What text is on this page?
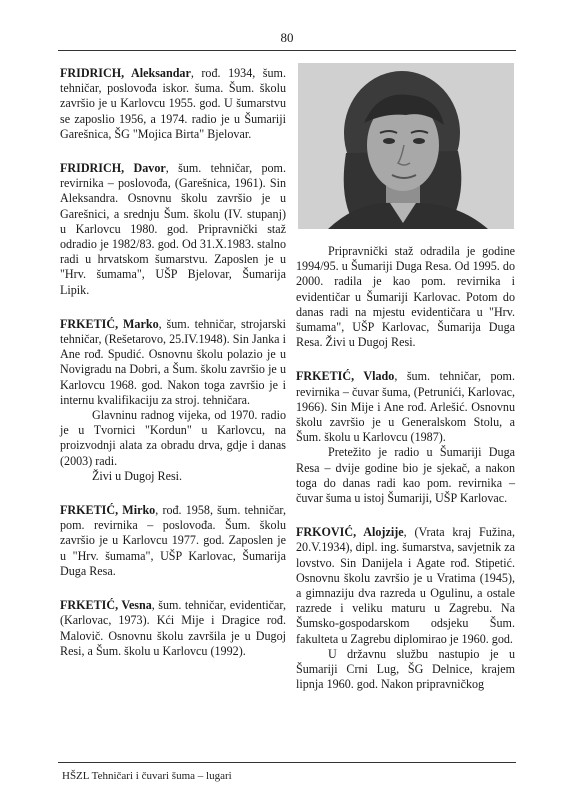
80

FRIDRICH, Aleksandar, rođ. 1934, šum. tehničar, poslovođa iskor. šuma. Šum. školu završio je u Karlovcu 1955. god. U šumarstvu se zaposlio 1956, a 1974. radio je u Šumariji Garešnica, ŠG "Mojica Birta" Bjelovar.

FRIDRICH, Davor, šum. tehničar, pom. revirnika – poslovođa, (Garešnica, 1961). Sin Aleksandra. Osnovnu školu završio je u Garešnici, a srednju Šum. školu (IV. stupanj) u Karlovcu 1980. god. Pripravnički staž odradio je 1982/83. god. Od 31.X.1983. stalno radi u hrvatskom šumarstvu. Zaposlen je u "Hrv. šumama", UŠP Bjelovar, Šumarija Lipik.

FRKETIĆ, Marko, šum. tehničar, strojarski tehničar, (Rešetarovo, 25.IV.1948). Sin Janka i Ane rođ. Spudić. Osnovnu školu polazio je u Novigradu na Dobri, a Šum. školu završio je u Karlovcu 1968. god. Nakon toga završio je i internu kvalifikaciju za stroj. tehničara.

Glavninu radnog vijeka, od 1970. radio je u Tvornici "Kordun" u Karlovcu, na proizvodnji alata za obradu drva, gdje i danas (2003) radi.

Živi u Dugoj Resi.

FRKETIĆ, Mirko, rođ. 1958, šum. tehničar, pom. revirnika – poslovođa. Šum. školu završio je u Karlovcu 1977. god. Zaposlen je u "Hrv. šumama", UŠP Karlovac, Šumarija Duga Resa.

FRKETIĆ, Vesna, šum. tehničar, evidentičar, (Karlovac, 1973). Kći Mije i Dragice rođ. Malovič. Osnovnu školu završila je u Dugoj Resi, a Šum. školu u Karlovcu (1992).

Pripravnički staž odradila je godine 1994/95. u Šumariji Duga Resa. Od 1995. do 2000. radila je kao pom. revirnika i evidentičar u Šumariji Karlovac. Potom do danas radi na mjestu evidentičara u "Hrv. šumama", UŠP Karlovac, Šumarija Duga Resa. Živi u Dugoj Resi.

FRKETIĆ, Vlado, šum. tehničar, pom. revirnika – čuvar šuma, (Petrunići, Karlovac, 1966). Sin Mije i Ane rođ. Arlešić. Osnovnu školu završio je u Generalskom Stolu, a Šum. školu u Karlovcu (1987).

Pretežito je radio u Šumariji Duga Resa – dvije godine bio je sjekač, a nakon toga do danas radi kao pom. revirnika – čuvar šuma u istoj Šumariji, UŠP Karlovac.

FRKOVIĆ, Alojzije, (Vrata kraj Fužina, 20.V.1934), dipl. ing. šumarstva, savjetnik za lovstvo. Sin Danijela i Agate rođ. Stipetić. Osnovnu školu završio je u Vratima (1945), a gimnaziju dva razreda u Ogulinu, a ostale razrede i veliku maturu u Zagrebu. Na Šumsko-gospodarskom odsjeku Šum. fakulteta u Zagrebu diplomirao je 1960. god.

U državnu službu nastupio je u Šumariji Crni Lug, ŠG Delnice, krajem lipnja 1960. god. Nakon pripravničkog

HŠZL Tehničari i čuvari šuma – lugari
